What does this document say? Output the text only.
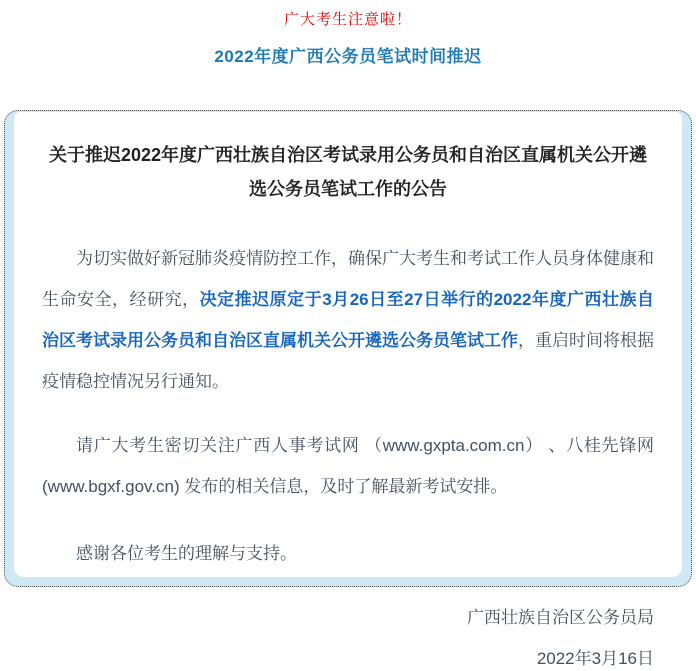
广大考生注意啦！
2022年度广西公务员笔试时间推迟
关于推迟2022年度广西壮族自治区考试录用公务员和自治区直属机关公开遴选公务员笔试工作的公告

为切实做好新冠肺炎疫情防控工作，确保广大考生和考试工作人员身体健康和生命安全，经研究，决定推迟原定于3月26日至27日举行的2022年度广西壮族自治区考试录用公务员和自治区直属机关公开遴选公务员笔试工作，重启时间将根据疫情稳控情况另行通知。

请广大考生密切关注广西人事考试网 （www.gxpta.com.cn） 、八桂先锋网 (www.bgxf.gov.cn) 发布的相关信息，及时了解最新考试安排。

感谢各位考生的理解与支持。

广西壮族自治区公务员局
2022年3月16日
